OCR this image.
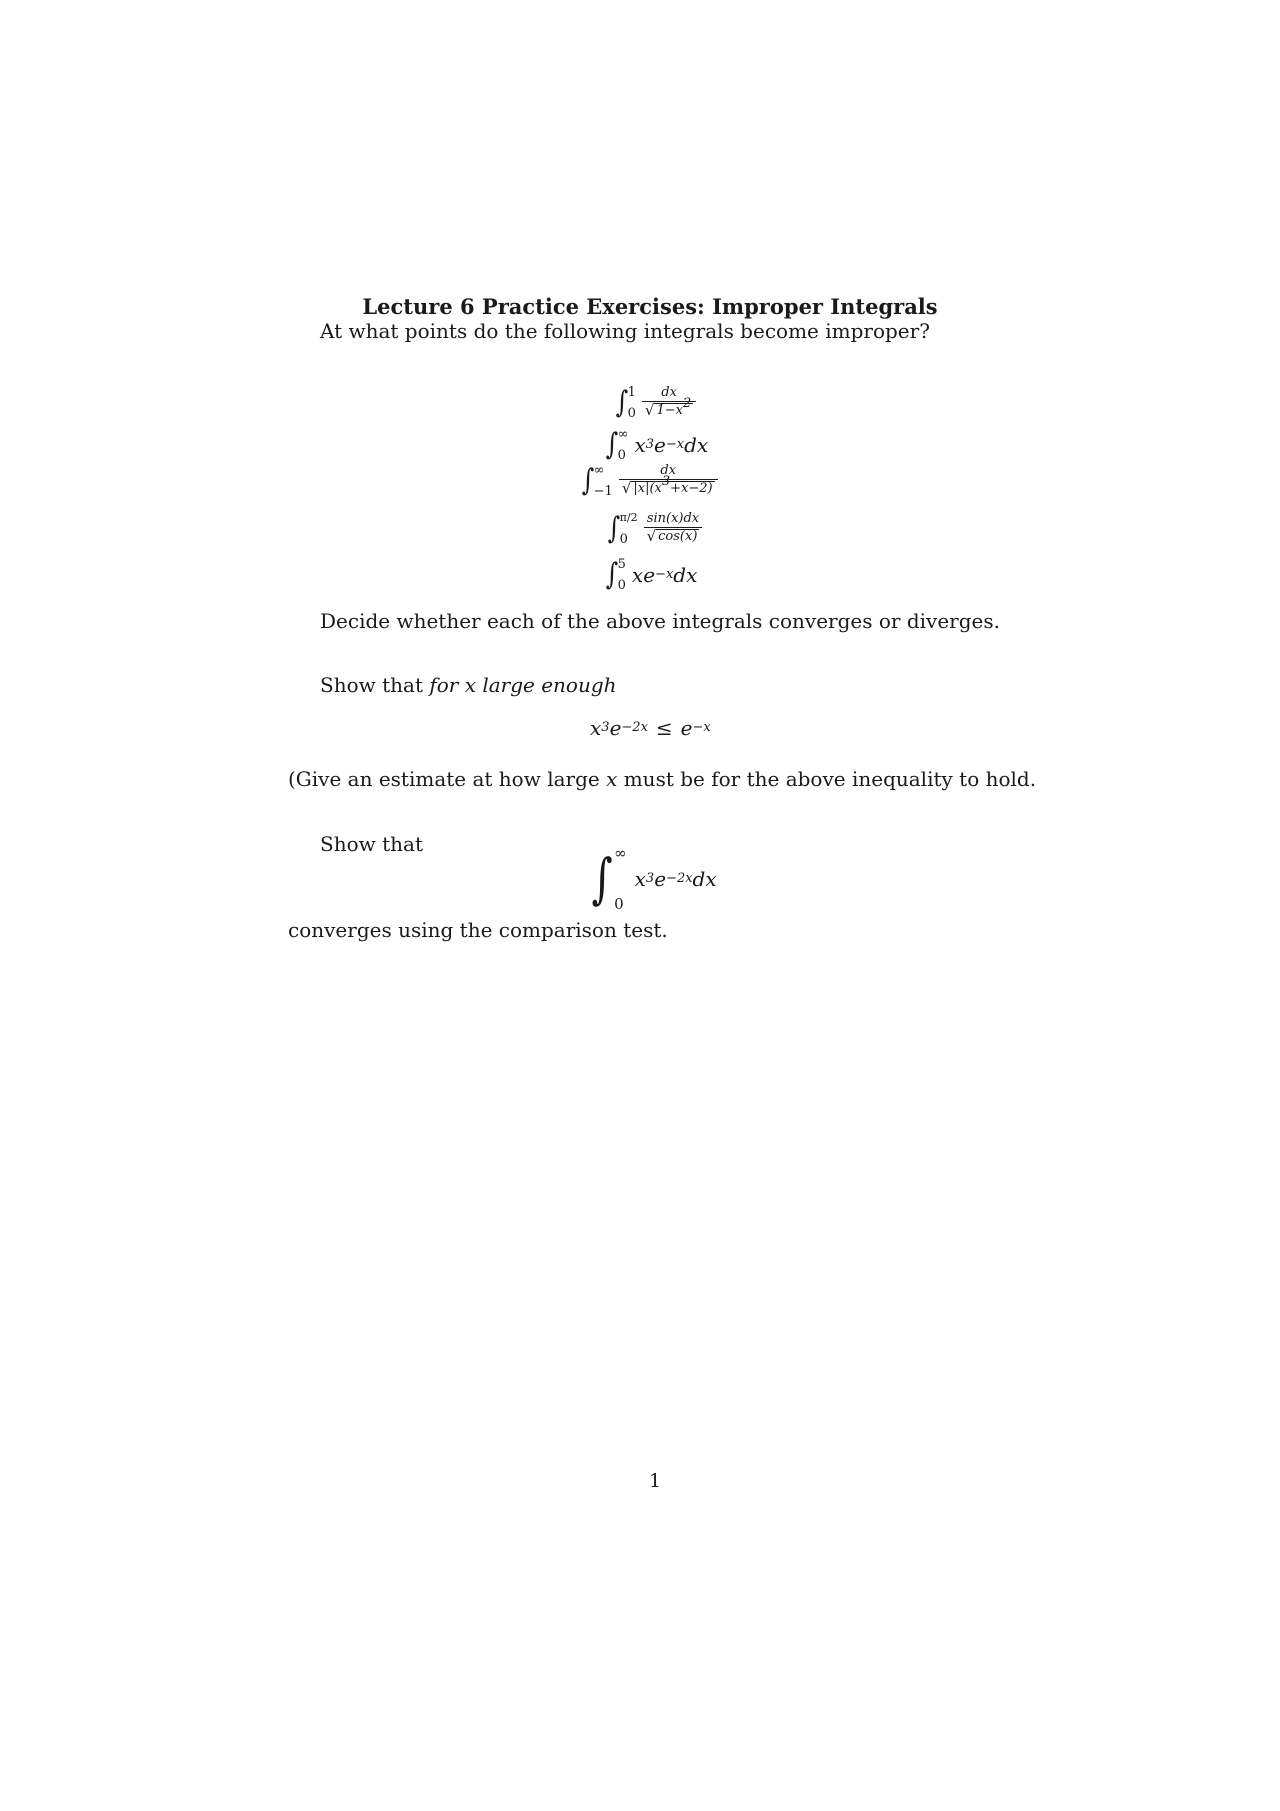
Lecture 6 Practice Exercises: Improper Integrals
At what points do the following integrals become improper?
∫ 1
$0 \frac{dx}{√ 1-x^2}$
∫ ∞
0 x 3 e −x dx
∫ ∞
$-1 \frac{dx}{√ |x|(x^3+x-2)}$
∫ π/2
0	$\frac{\sin(x)dx}{√ \cos(x)}$
∫ 5
0 xe −x dx
Decide whether each of the above integrals converges or diverges.
Show that for x large enough
x 3 e −2x ≤ e −x
(Give an estimate at how large x must be for the above inequality to hold.
Show that
∫ ∞
0
x 3 e −2x dx
converges using the comparison test.
1
